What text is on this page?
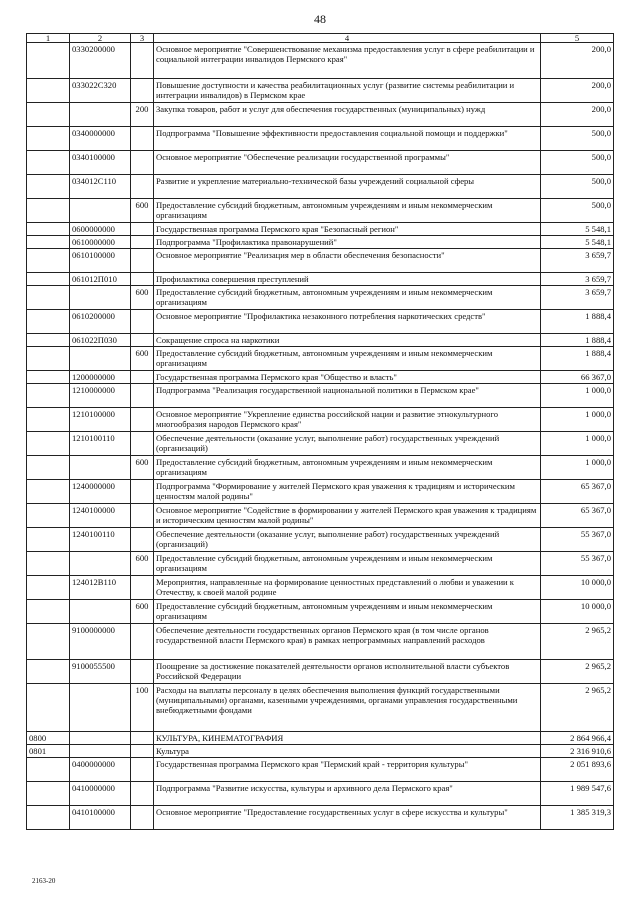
48
1	2	3	4	5
	0330200000		Основное мероприятие "Совершенствование механизма предоставления услуг в сфере реабилитации и социальной интеграции инвалидов Пермского края"	200,0
	033022С320		Повышение доступности и качества реабилитационных услуг (развитие системы реабилитации и интеграции инвалидов) в Пермском крае	200,0
		200	Закупка товаров, работ и услуг для обеспечения государственных (муниципальных) нужд	200,0
	0340000000		Подпрограмма "Повышение эффективности предоставления социальной помощи и поддержки"	500,0
	0340100000		Основное мероприятие "Обеспечение реализации государственной программы"	500,0
	034012С110		Развитие и укрепление материально-технической базы учреждений социальной сферы	500,0
		600	Предоставление субсидий бюджетным, автономным учреждениям и иным некоммерческим организациям	500,0
	0600000000		Государственная программа Пермского края "Безопасный регион"	5 548,1
	0610000000		Подпрограмма "Профилактика правонарушений"	5 548,1
	0610100000		Основное мероприятие "Реализация мер в области обеспечения безопасности"	3 659,7
	061012П010		Профилактика совершения преступлений	3 659,7
		600	Предоставление субсидий бюджетным, автономным учреждениям и иным некоммерческим организациям	3 659,7
	0610200000		Основное мероприятие "Профилактика незаконного потребления наркотических средств"	1 888,4
	061022П030		Сокращение спроса на наркотики	1 888,4
		600	Предоставление субсидий бюджетным, автономным учреждениям и иным некоммерческим организациям	1 888,4
	1200000000		Государственная программа Пермского края "Общество и власть"	66 367,0
	1210000000		Подпрограмма "Реализация государственной национальной политики в Пермском крае"	1 000,0
	1210100000		Основное мероприятие "Укрепление единства российской нации и развитие этнокультурного многообразия народов Пермского края"	1 000,0
	1210100110		Обеспечение деятельности (оказание услуг, выполнение работ) государственных учреждений (организаций)	1 000,0
		600	Предоставление субсидий бюджетным, автономным учреждениям и иным некоммерческим организациям	1 000,0
	1240000000		Подпрограмма "Формирование у жителей Пермского края уважения к традициям и историческим ценностям малой родины"	65 367,0
	1240100000		Основное мероприятие "Содействие в формировании у жителей Пермского края уважения к традициям и историческим ценностям малой родины"	65 367,0
	1240100110		Обеспечение деятельности (оказание услуг, выполнение работ) государственных учреждений (организаций)	55 367,0
		600	Предоставление субсидий бюджетным, автономным учреждениям и иным некоммерческим организациям	55 367,0
	124012В110		Мероприятия, направленные на формирование ценностных представлений о любви и уважении к Отечеству, к своей малой родине	10 000,0
		600	Предоставление субсидий бюджетным, автономным учреждениям и иным некоммерческим организациям	10 000,0
	9100000000		Обеспечение деятельности государственных органов Пермского края (в том числе органов государственной власти Пермского края) в рамках непрограммных направлений расходов	2 965,2
	9100055500		Поощрение за достижение показателей деятельности органов исполнительной власти субъектов Российской Федерации	2 965,2
		100	Расходы на выплаты персоналу в целях обеспечения выполнения функций государственными (муниципальными) органами, казенными учреждениями, органами управления государственными внебюджетными фондами	2 965,2
0800			КУЛЬТУРА, КИНЕМАТОГРАФИЯ	2 864 966,4
0801			Культура	2 316 910,6
	0400000000		Государственная программа Пермского края "Пермский край - территория культуры"	2 051 893,6
	0410000000		Подпрограмма "Развитие искусства, культуры и архивного дела Пермского края"	1 989 547,6
	0410100000		Основное мероприятие "Предоставление государственных услуг в сфере искусства и культуры"	1 385 319,3
2163-20
